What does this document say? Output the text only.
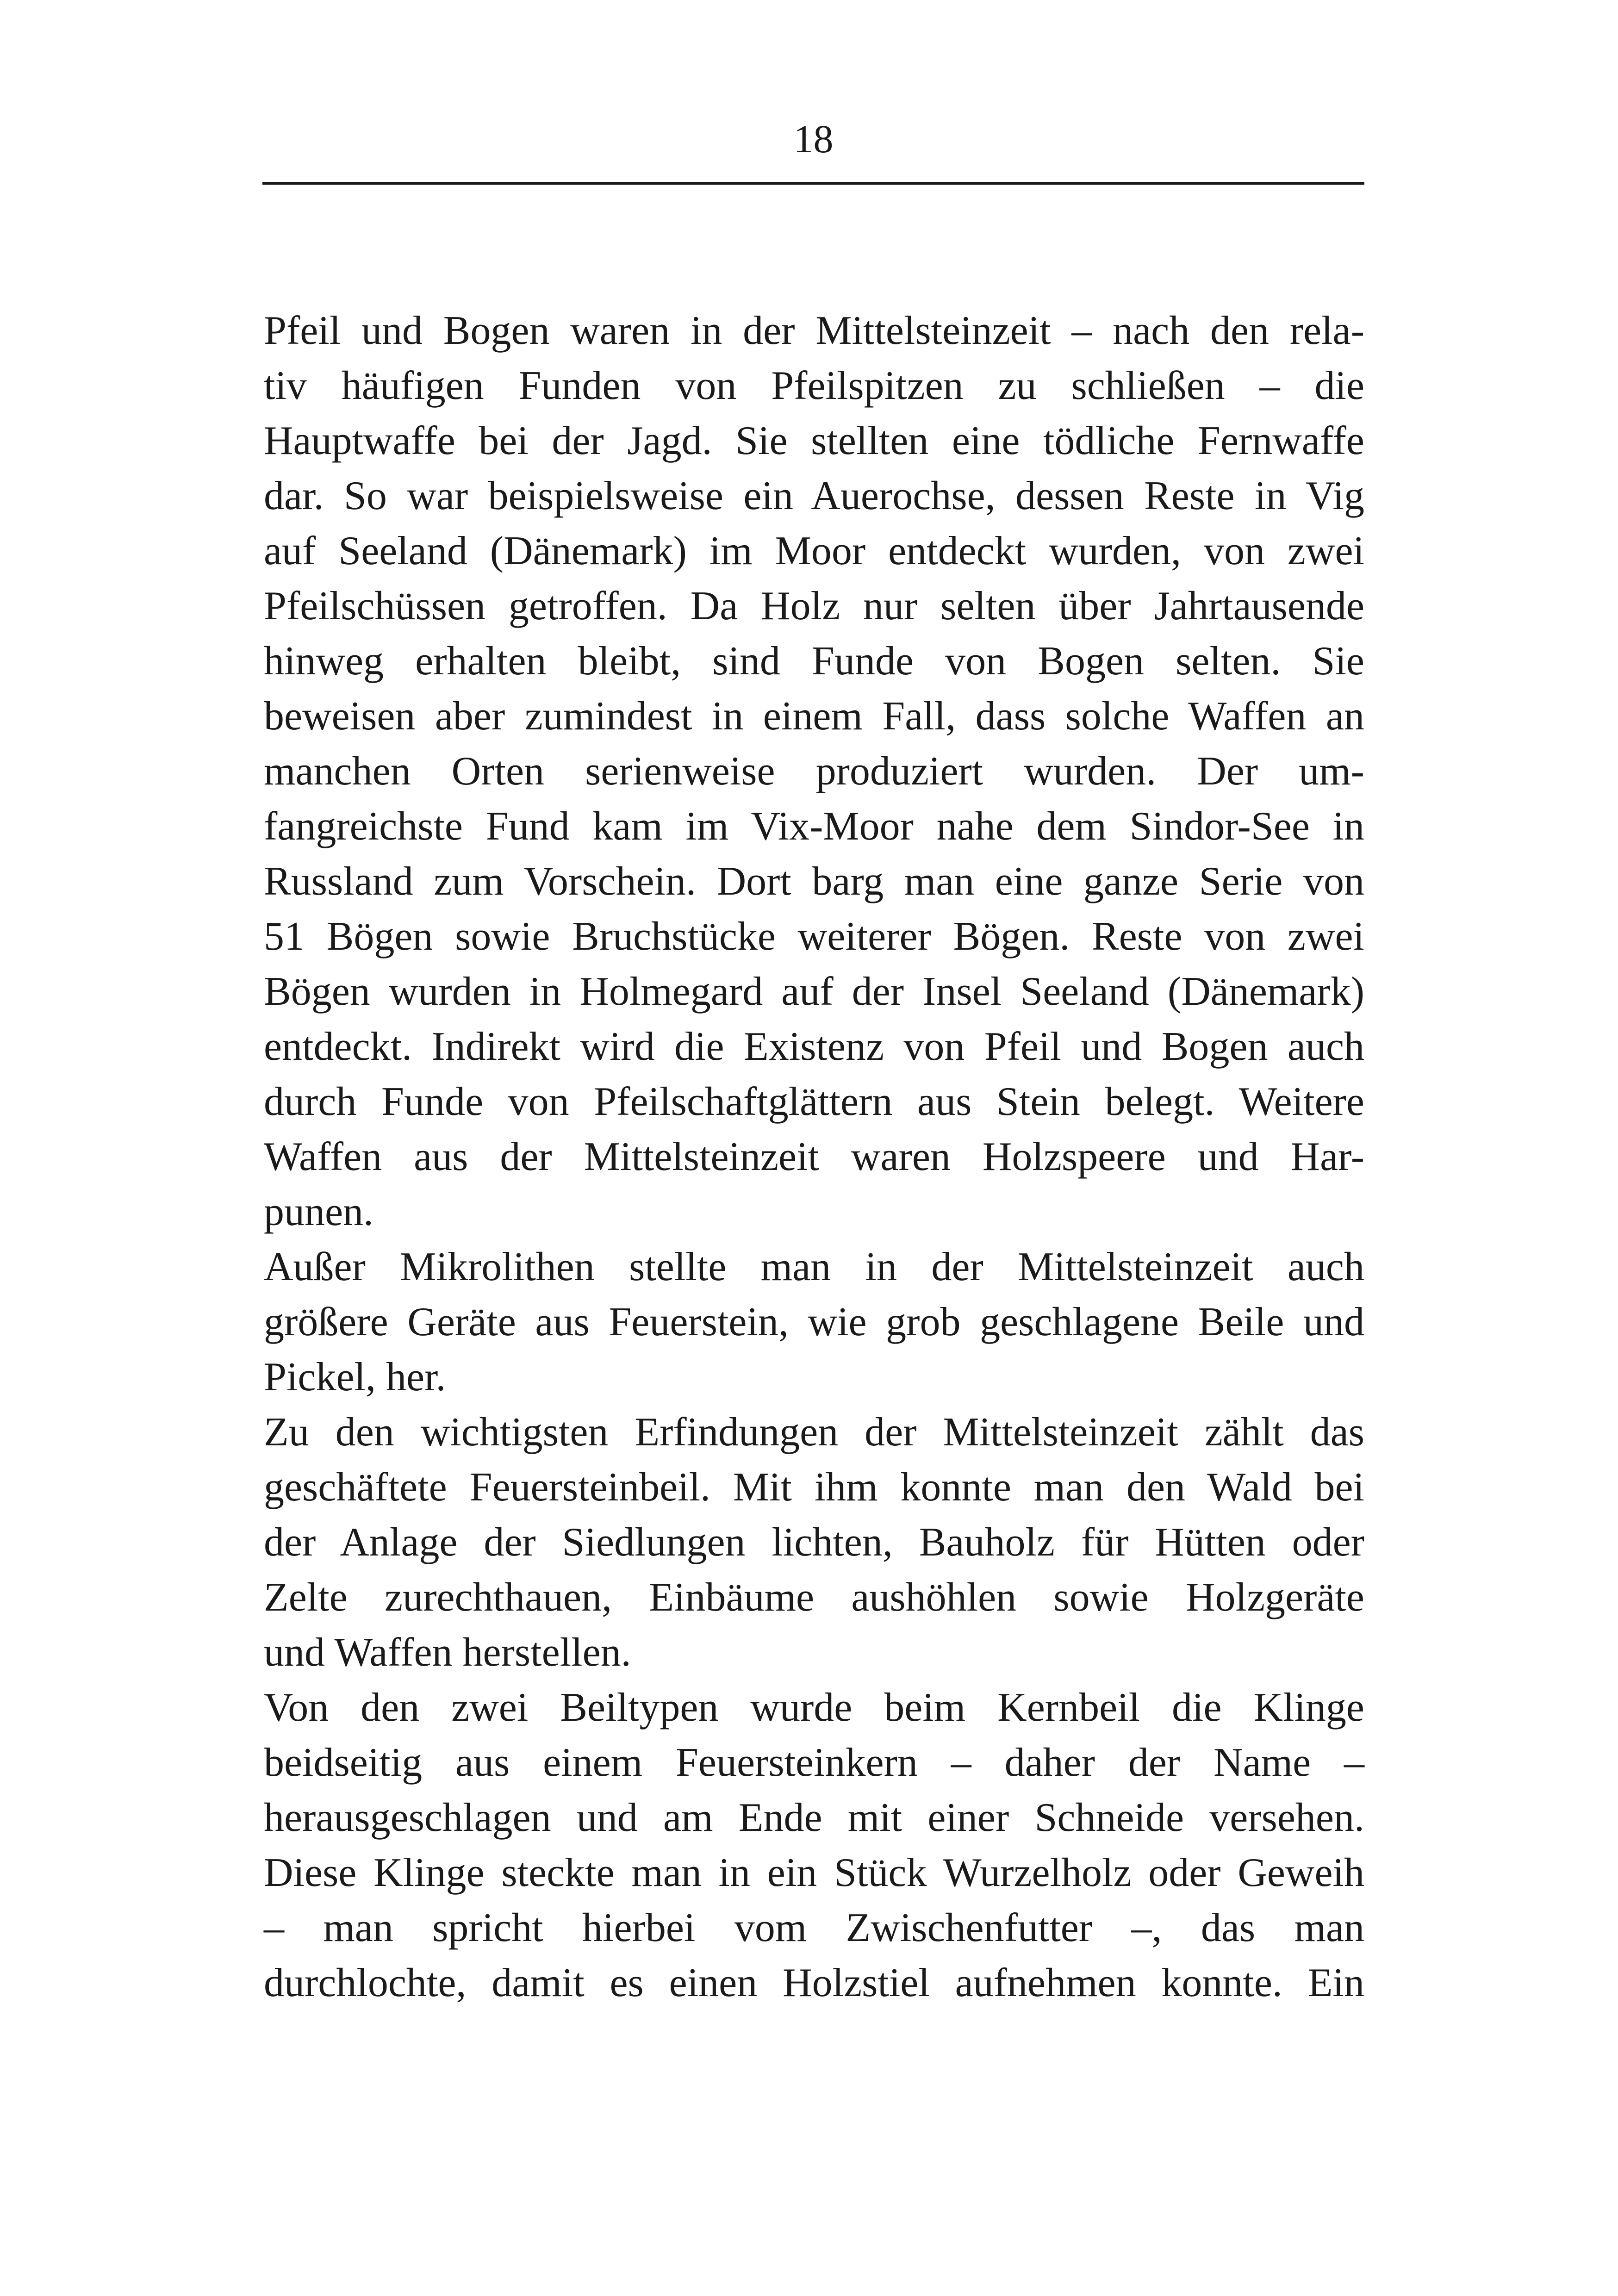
18

Pfeil und Bogen waren in der Mittelsteinzeit – nach den rela-
tiv häufigen Funden von Pfeilspitzen zu schließen – die
Hauptwaffe bei der Jagd. Sie stellten eine tödliche Fernwaffe
dar. So war beispielsweise ein Auerochse, dessen Reste in Vig
auf Seeland (Dänemark) im Moor entdeckt wurden, von zwei
Pfeilschüssen getroffen. Da Holz nur selten über Jahrtausende
hinweg erhalten bleibt, sind Funde von Bogen selten. Sie
beweisen aber zumindest in einem Fall, dass solche Waffen an
manchen Orten serienweise produziert wurden. Der um-
fangreichste Fund kam im Vix-Moor nahe dem Sindor-See in
Russland zum Vorschein. Dort barg man eine ganze Serie von
51 Bögen sowie Bruchstücke weiterer Bögen. Reste von zwei
Bögen wurden in Holmegard auf der Insel Seeland (Dänemark)
entdeckt. Indirekt wird die Existenz von Pfeil und Bogen auch
durch Funde von Pfeilschaftglättern aus Stein belegt. Weitere
Waffen aus der Mittelsteinzeit waren Holzspeere und Har-
punen.

Außer Mikrolithen stellte man in der Mittelsteinzeit auch
größere Geräte aus Feuerstein, wie grob geschlagene Beile und
Pickel, her.

Zu den wichtigsten Erfindungen der Mittelsteinzeit zählt das
geschäftete Feuersteinbeil. Mit ihm konnte man den Wald bei
der Anlage der Siedlungen lichten, Bauholz für Hütten oder
Zelte zurechthauen, Einbäume aushöhlen sowie Holzgeräte
und Waffen herstellen.

Von den zwei Beiltypen wurde beim Kernbeil die Klinge
beidseitig aus einem Feuersteinkern – daher der Name –
herausgeschlagen und am Ende mit einer Schneide versehen.
Diese Klinge steckte man in ein Stück Wurzelholz oder Geweih
– man spricht hierbei vom Zwischenfutter –, das man
durchlochte, damit es einen Holzstiel aufnehmen konnte. Ein
